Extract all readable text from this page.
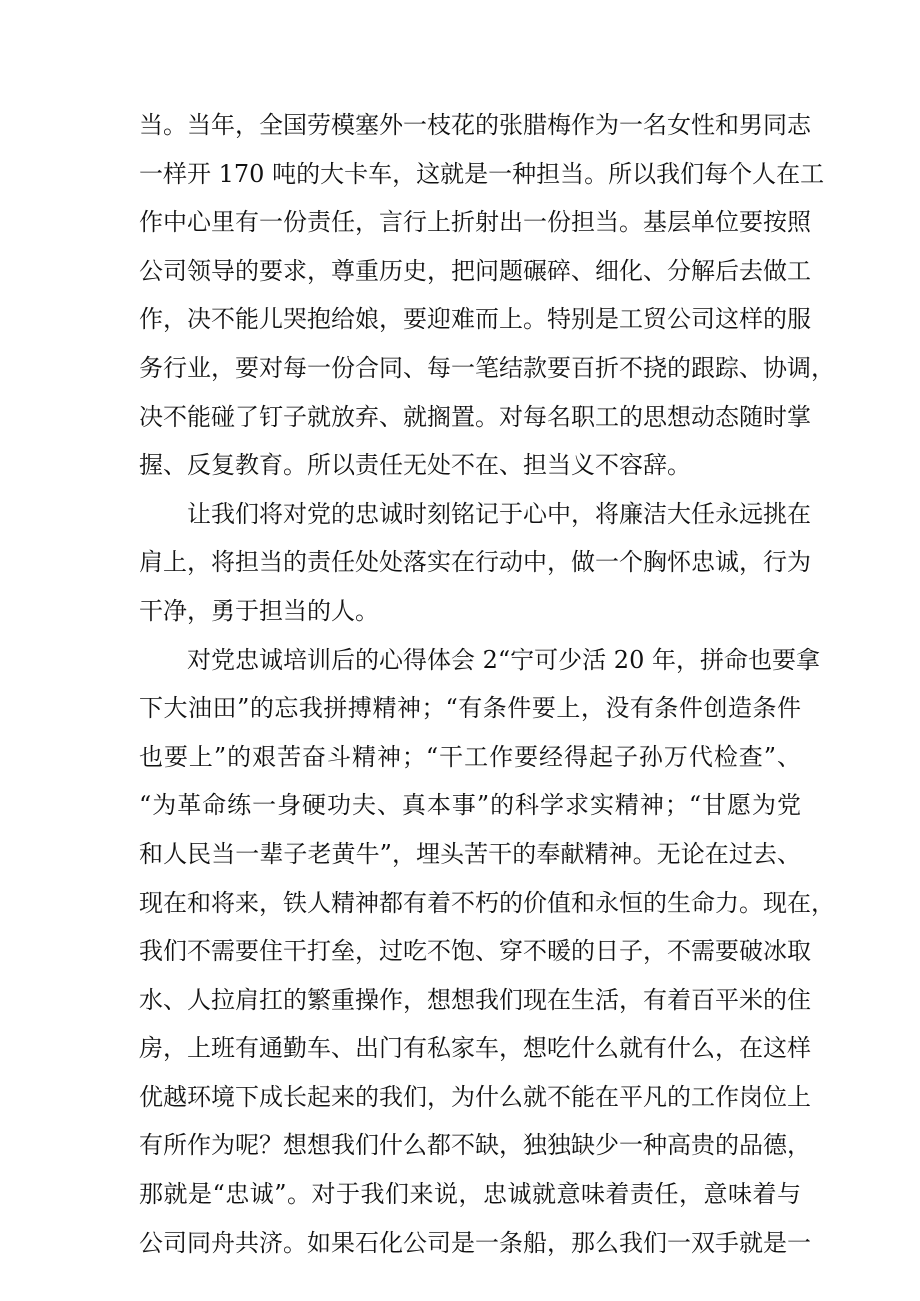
当。当年，全国劳模塞外一枝花的张腊梅作为一名女性和男同志
一样开 170 吨的大卡车，这就是一种担当。所以我们每个人在工
作中心里有一份责任，言行上折射出一份担当。基层单位要按照
公司领导的要求，尊重历史，把问题碾碎、细化、分解后去做工
作，决不能儿哭抱给娘，要迎难而上。特别是工贸公司这样的服
务行业，要对每一份合同、每一笔结款要百折不挠的跟踪、协调，
决不能碰了钉子就放弃、就搁置。对每名职工的思想动态随时掌
握、反复教育。所以责任无处不在、担当义不容辞。
让我们将对党的忠诚时刻铭记于心中，将廉洁大任永远挑在
肩上，将担当的责任处处落实在行动中，做一个胸怀忠诚，行为
干净，勇于担当的人。
对党忠诚培训后的心得体会 2“宁可少活 20 年，拼命也要拿
下大油田”的忘我拼搏精神；“有条件要上，没有条件创造条件
也要上”的艰苦奋斗精神；“干工作要经得起子孙万代检查”、
“为革命练一身硬功夫、真本事”的科学求实精神；“甘愿为党
和人民当一辈子老黄牛”，埋头苦干的奉献精神。无论在过去、
现在和将来，铁人精神都有着不朽的价值和永恒的生命力。现在，
我们不需要住干打垒，过吃不饱、穿不暖的日子，不需要破冰取
水、人拉肩扛的繁重操作，想想我们现在生活，有着百平米的住
房，上班有通勤车、出门有私家车，想吃什么就有什么，在这样
优越环境下成长起来的我们，为什么就不能在平凡的工作岗位上
有所作为呢？想想我们什么都不缺，独独缺少一种高贵的品德，
那就是“忠诚”。对于我们来说，忠诚就意味着责任，意味着与
公司同舟共济。如果石化公司是一条船，那么我们一双手就是一
